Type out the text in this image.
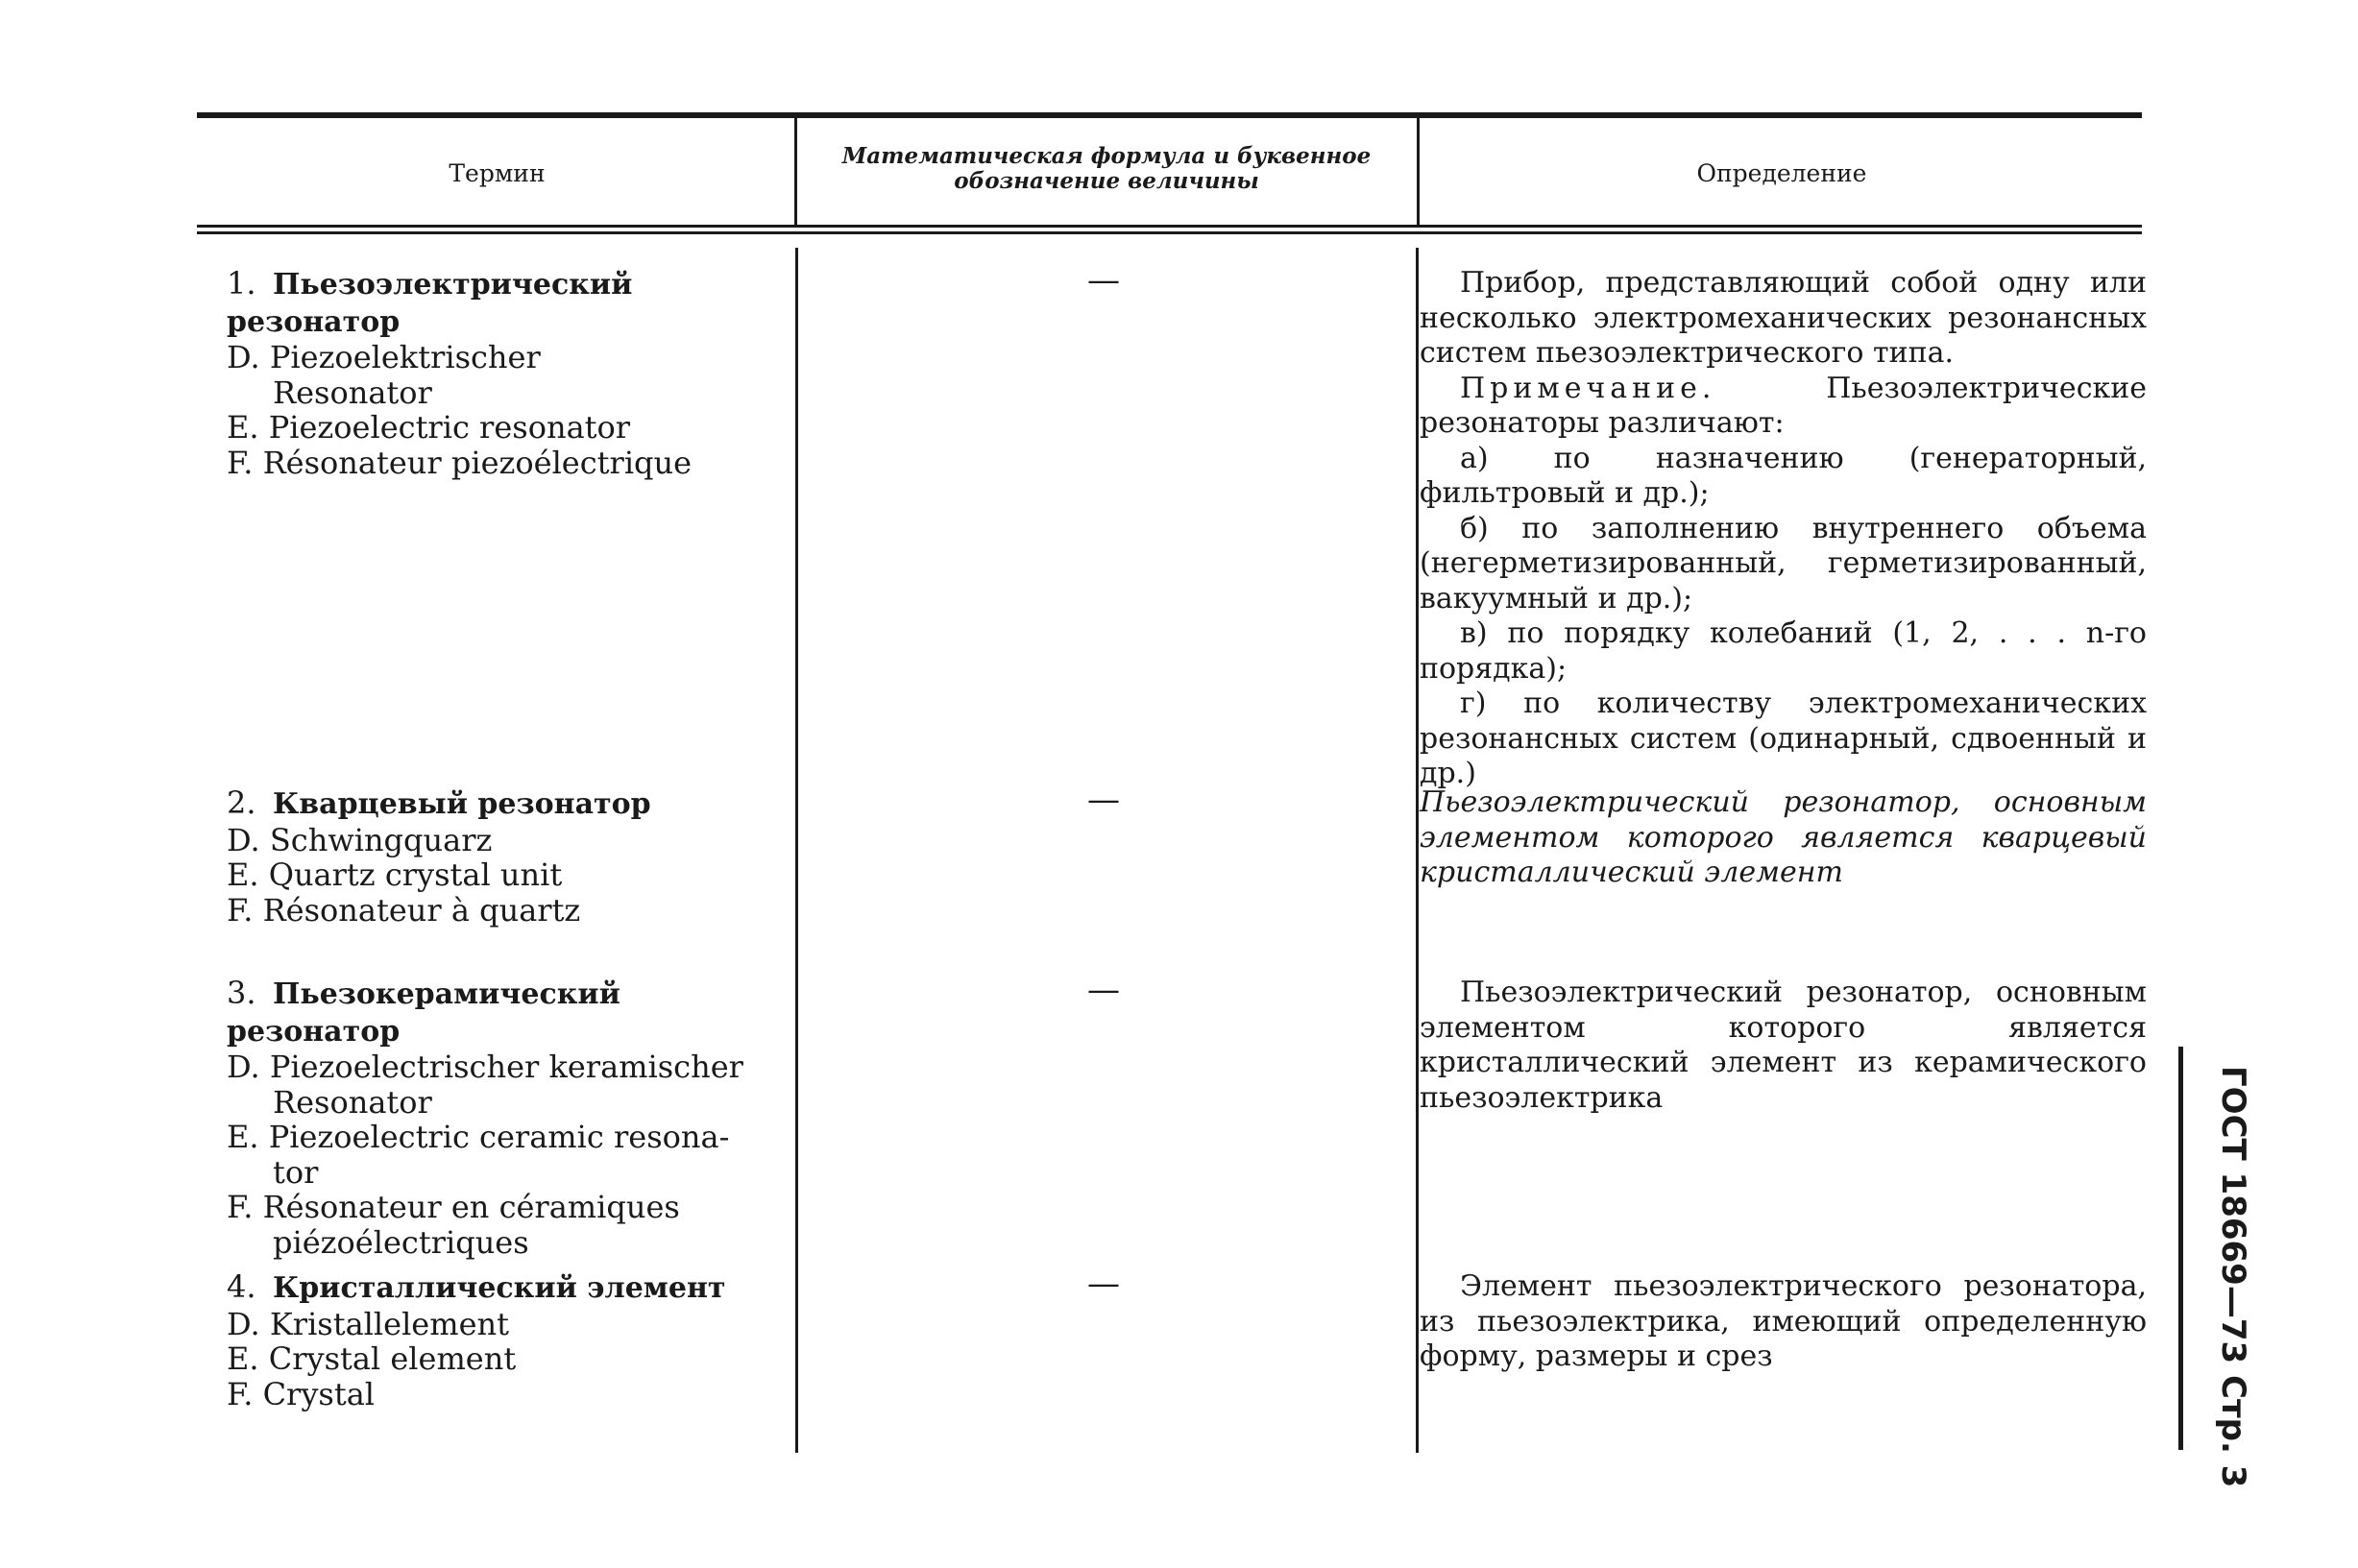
Термин
Математическая формула и буквенное обозначение величины	Определение
1. Пьезоэлектрический резонатор
D. Piezoelektrischer
Resonator
E. Piezoelectric resonator
F. Résonateur piezoélectrique
—	Прибор, представляющий собой одну или несколько электромеханических резонансных систем пьезоэлектрического типа.

Примечание. Пьезоэлектрические резонаторы различают:

а) по назначению (генераторный, фильтровый и др.);

б) по заполнению внутреннего объема (негерметизированный, герметизированный, вакуумный и др.);

в) по порядку колебаний (1, 2, . . . n-го порядка);

г) по количеству электромеханических резонансных систем (одинарный, сдвоенный и др.)

2. Кварцевый резонатор
D. Schwingquarz
E. Quartz crystal unit
F. Résonateur à quartz
—	Пьезоэлектрический резонатор, основным элементом которого является кварцевый кристаллический элемент

3. Пьезокерамический резонатор
D. Piezoelectrischer keramischer
Resonator
E. Piezoelectric ceramic resona-
tor
F. Résonateur en céramiques
piézoélectriques
—	Пьезоэлектрический резонатор, основным элементом которого является кристаллический элемент из керамического пьезоэлектрика

4. Кристаллический элемент
D. Kristallelement
E. Crystal element
F. Crystal
—	Элемент пьезоэлектрического резонатора, из пьезоэлектрика, имеющий определенную форму, размеры и срез	ГОСТ 18669—73 Стр. 3
